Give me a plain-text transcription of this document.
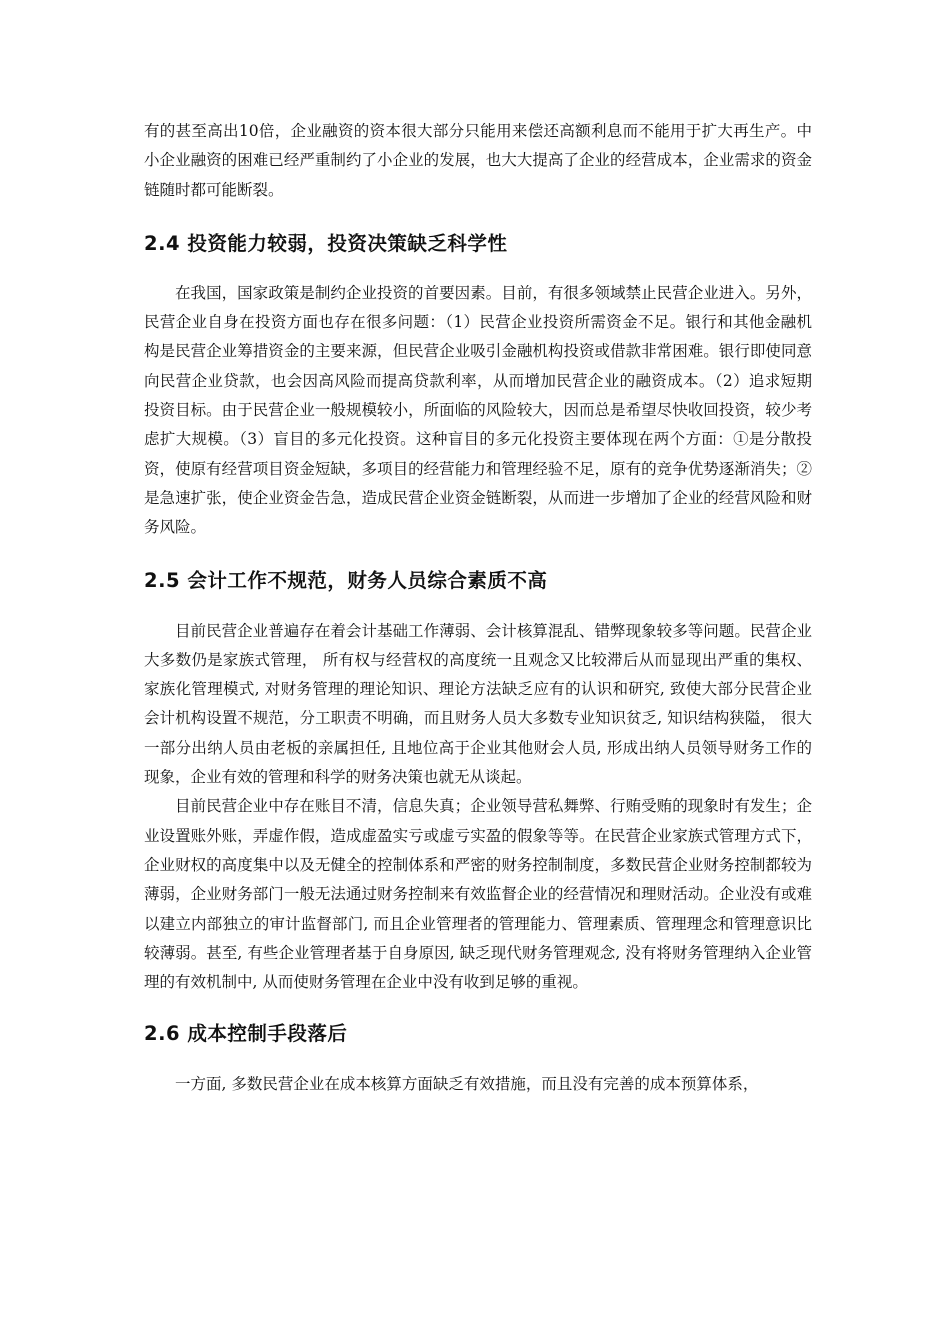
有的甚至高出10倍，企业融资的资本很大部分只能用来偿还高额利息而不能用于扩大再生产。中小企业融资的困难已经严重制约了小企业的发展，也大大提高了企业的经营成本，企业需求的资金链随时都可能断裂。

2.4 投资能力较弱，投资决策缺乏科学性

在我国，国家政策是制约企业投资的首要因素。目前，有很多领域禁止民营企业进入。另外，民营企业自身在投资方面也存在很多问题：（1）民营企业投资所需资金不足。银行和其他金融机构是民营企业筹措资金的主要来源，但民营企业吸引金融机构投资或借款非常困难。银行即使同意向民营企业贷款，也会因高风险而提高贷款利率，从而增加民营企业的融资成本。（2）追求短期投资目标。由于民营企业一般规模较小，所面临的风险较大，因而总是希望尽快收回投资，较少考虑扩大规模。（3）盲目的多元化投资。这种盲目的多元化投资主要体现在两个方面：①是分散投资，使原有经营项目资金短缺，多项目的经营能力和管理经验不足，原有的竞争优势逐渐消失；②是急速扩张，使企业资金告急，造成民营企业资金链断裂，从而进一步增加了企业的经营风险和财务风险。

2.5 会计工作不规范，财务人员综合素质不高

目前民营企业普遍存在着会计基础工作薄弱、会计核算混乱、错弊现象较多等问题。民营企业大多数仍是家族式管理， 所有权与经营权的高度统一且观念又比较滞后从而显现出严重的集权、家族化管理模式, 对财务管理的理论知识、理论方法缺乏应有的认识和研究, 致使大部分民营企业会计机构设置不规范，分工职责不明确，而且财务人员大多数专业知识贫乏, 知识结构狭隘， 很大一部分出纳人员由老板的亲属担任, 且地位高于企业其他财会人员, 形成出纳人员领导财务工作的现象，企业有效的管理和科学的财务决策也就无从谈起。

目前民营企业中存在账目不清，信息失真；企业领导营私舞弊、行贿受贿的现象时有发生；企业设置账外账，弄虚作假，造成虚盈实亏或虚亏实盈的假象等等。在民营企业家族式管理方式下，企业财权的高度集中以及无健全的控制体系和严密的财务控制制度，多数民营企业财务控制都较为薄弱，企业财务部门一般无法通过财务控制来有效监督企业的经营情况和理财活动。企业没有或难以建立内部独立的审计监督部门, 而且企业管理者的管理能力、管理素质、管理理念和管理意识比较薄弱。甚至, 有些企业管理者基于自身原因, 缺乏现代财务管理观念, 没有将财务管理纳入企业管理的有效机制中, 从而使财务管理在企业中没有收到足够的重视。

2.6 成本控制手段落后

一方面, 多数民营企业在成本核算方面缺乏有效措施，而且没有完善的成本预算体系，
